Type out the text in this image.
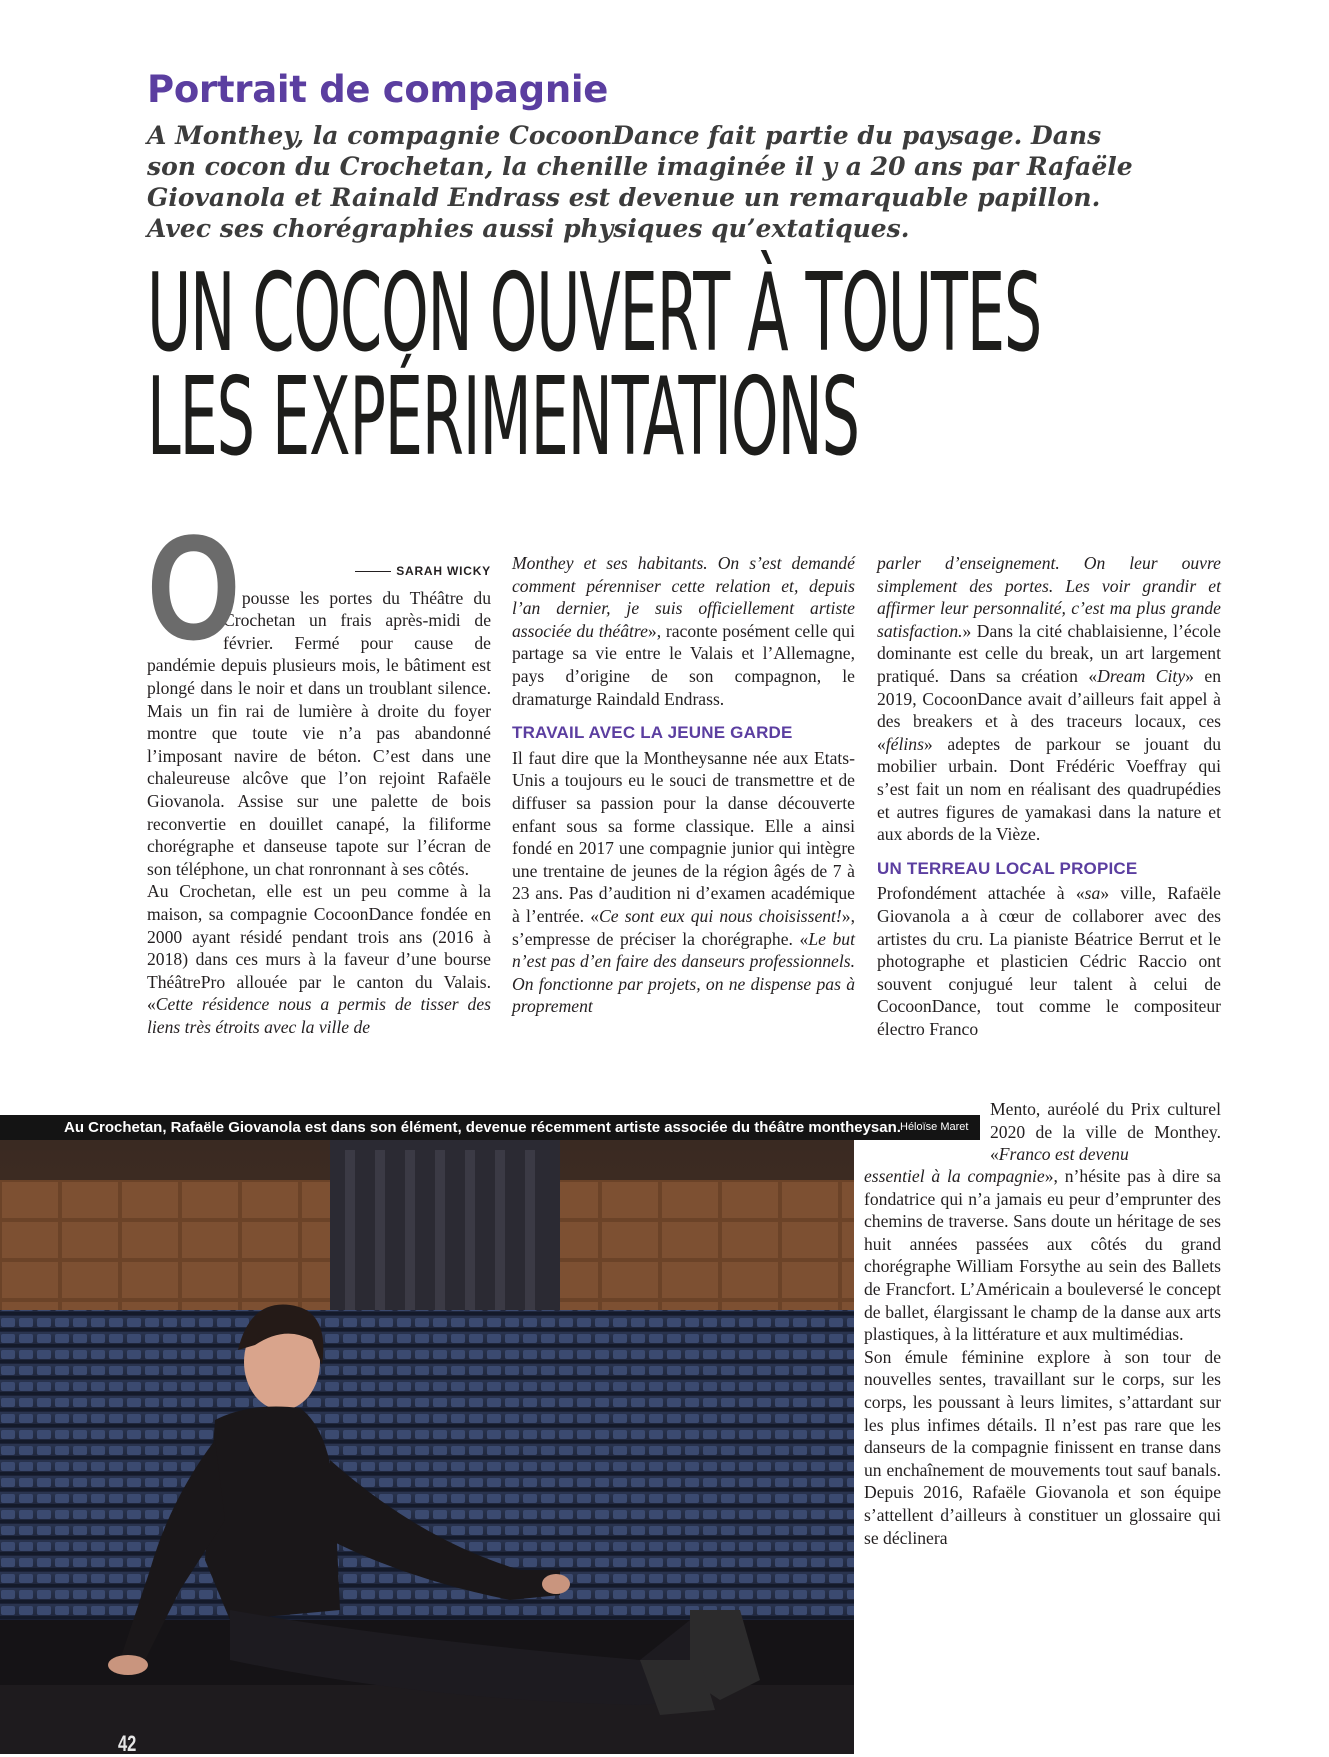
Portrait de compagnie

A Monthey, la compagnie CocoonDance fait partie du paysage. Dans son cocon du Crochetan, la chenille imaginée il y a 20 ans par Rafaële Giovanola et Rainald Endrass est devenue un remarquable papillon. Avec ses chorégraphies aussi physiques qu’extatiques.

UN COCON OUVERT À TOUTES
LES EXPÉRIMENTATIONS
O	SARAH WICKY

n pousse les portes du Théâtre du Crochetan un frais après-midi de février. Fermé pour cause de pandémie depuis plusieurs mois, le bâtiment est plongé dans le noir et dans un troublant silence. Mais un fin rai de lumière à droite du foyer montre que toute vie n’a pas abandonné l’imposant navire de béton. C’est dans une chaleureuse alcôve que l’on rejoint Rafaële Giovanola. Assise sur une palette de bois reconvertie en douillet canapé, la filiforme chorégraphe et danseuse tapote sur l’écran de son téléphone, un chat ronronnant à ses côtés.

Au Crochetan, elle est un peu comme à la maison, sa compagnie CocoonDance fondée en 2000 ayant résidé pendant trois ans (2016 à 2018) dans ces murs à la faveur d’une bourse ThéâtrePro allouée par le canton du Valais. «Cette résidence nous a permis de tisser des liens très étroits avec la ville de

Monthey et ses habitants. On s’est demandé comment pérenniser cette relation et, depuis l’an dernier, je suis officiellement artiste associée du théâtre», raconte posément celle qui partage sa vie entre le Valais et l’Allemagne, pays d’origine de son compagnon, le dramaturge Raindald Endrass.

TRAVAIL AVEC LA JEUNE GARDE

Il faut dire que la Montheysanne née aux Etats-Unis a toujours eu le souci de transmettre et de diffuser sa passion pour la danse découverte enfant sous sa forme classique. Elle a ainsi fondé en 2017 une compagnie junior qui intègre une trentaine de jeunes de la région âgés de 7 à 23 ans. Pas d’audition ni d’examen académique à l’entrée. «Ce sont eux qui nous choisissent!», s’empresse de préciser la chorégraphe. «Le but n’est pas d’en faire des danseurs professionnels. On fonctionne par projets, on ne dispense pas à proprement

parler d’enseignement. On leur ouvre simplement des portes. Les voir grandir et affirmer leur personnalité, c’est ma plus grande satisfaction.» Dans la cité chablaisienne, l’école dominante est celle du break, un art largement pratiqué. Dans sa création «Dream City» en 2019, CocoonDance avait d’ailleurs fait appel à des breakers et à des traceurs locaux, ces «félins» adeptes de parkour se jouant du mobilier urbain. Dont Frédéric Voeffray qui s’est fait un nom en réalisant des quadrupédies et autres figures de yamakasi dans la nature et aux abords de la Vièze.

UN TERREAU LOCAL PROPICE

Profondément attachée à «sa» ville, Rafaële Giovanola a à cœur de collaborer avec des artistes du cru. La pianiste Béatrice Berrut et le photographe et plasticien Cédric Raccio ont souvent conjugué leur talent à celui de CocoonDance, tout comme le compositeur électro Franco

Mento, auréolé du Prix culturel 2020 de la ville de Monthey. «Franco est devenu

essentiel à la compagnie», n’hésite pas à dire sa fondatrice qui n’a jamais eu peur d’emprunter des chemins de traverse. Sans doute un héritage de ses huit années passées aux côtés du grand chorégraphe William Forsythe au sein des Ballets de Francfort. L’Américain a bouleversé le concept de ballet, élargissant le champ de la danse aux arts plastiques, à la littérature et aux multimédias.

Son émule féminine explore à son tour de nouvelles sentes, travaillant sur le corps, sur les corps, les poussant à leurs limites, s’attardant sur les plus infimes détails. Il n’est pas rare que les danseurs de la compagnie finissent en transe dans un enchaînement de mouvements tout sauf banals. Depuis 2016, Rafaële Giovanola et son équipe s’attellent d’ailleurs à constituer un glossaire qui se déclinera

Au Crochetan, Rafaële Giovanola est dans son élément, devenue récemment artiste associée du théâtre montheysan. Héloïse Maret
42
